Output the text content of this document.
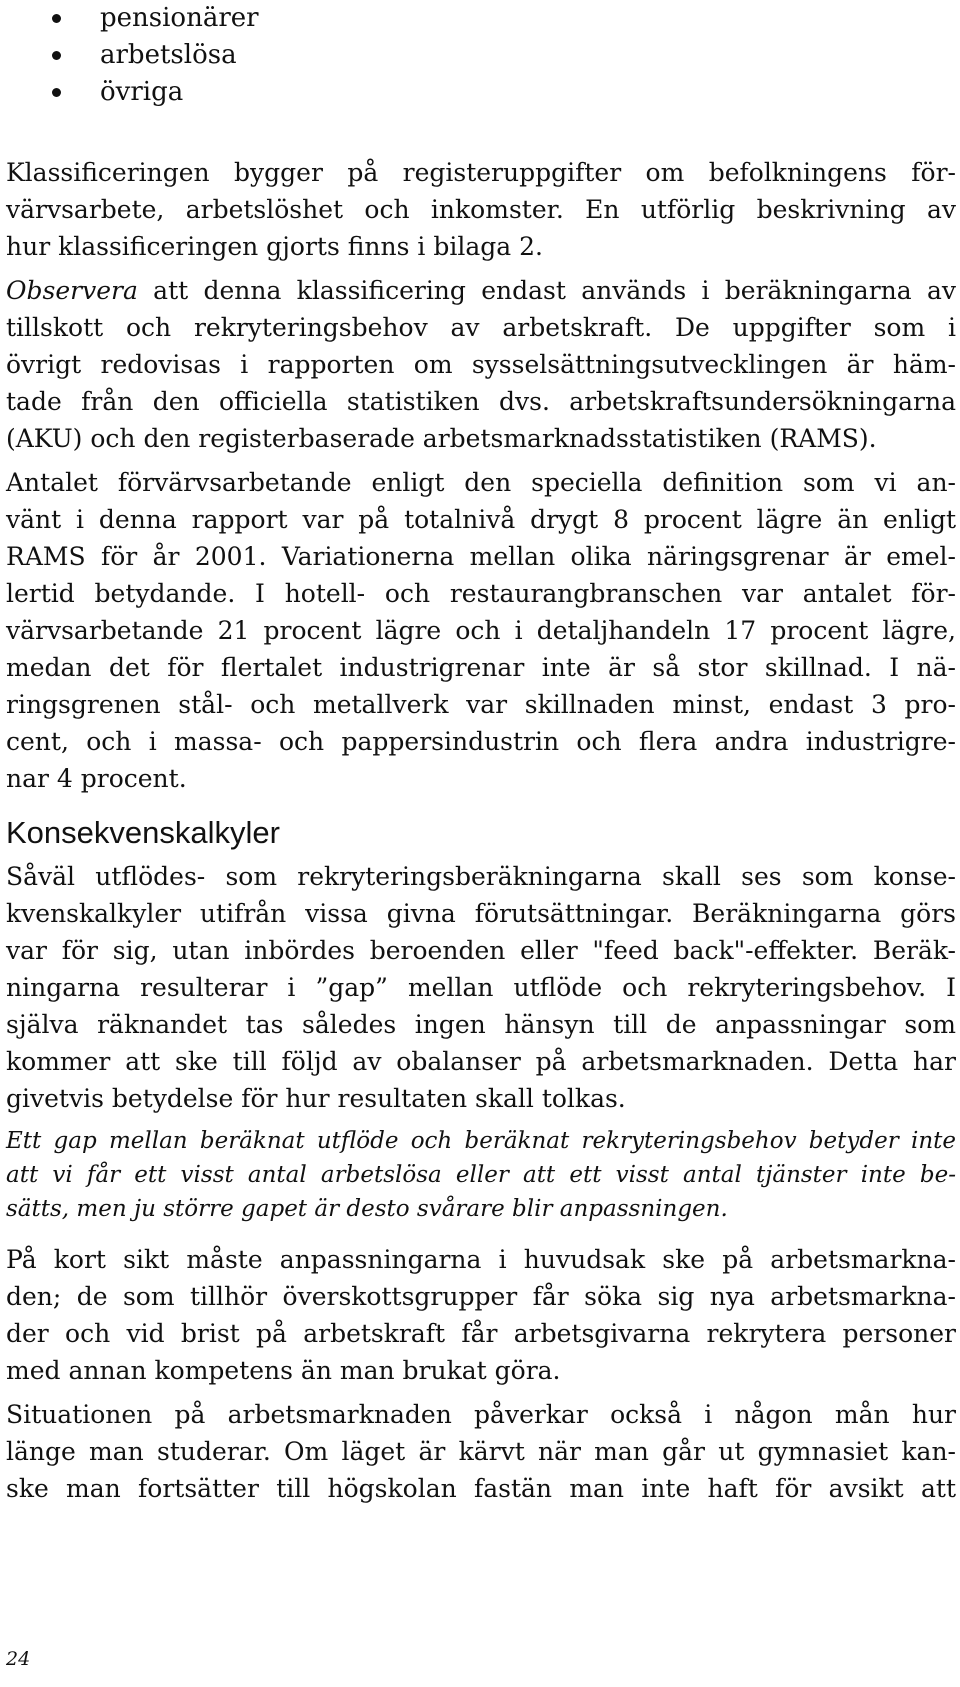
pensionärer
arbetslösa
övriga

Klassificeringen bygger på registeruppgifter om befolkningens för-
värvsarbete, arbetslöshet och inkomster. En utförlig beskrivning av
hur klassificeringen gjorts finns i bilaga 2.

Observera att denna klassificering endast används i beräkningarna av
tillskott och rekryteringsbehov av arbetskraft. De uppgifter som i
övrigt redovisas i rapporten om sysselsättningsutvecklingen är häm-
tade från den officiella statistiken dvs. arbetskraftsundersökningarna
(AKU) och den registerbaserade arbetsmarknadsstatistiken (RAMS).

Antalet förvärvsarbetande enligt den speciella definition som vi an-
vänt i denna rapport var på totalnivå drygt 8 procent lägre än enligt
RAMS för år 2001. Variationerna mellan olika näringsgrenar är emel-
lertid betydande. I hotell- och restaurangbranschen var antalet för-
värvsarbetande 21 procent lägre och i detaljhandeln 17 procent lägre,
medan det för flertalet industrigrenar inte är så stor skillnad. I nä-
ringsgrenen stål- och metallverk var skillnaden minst, endast 3 pro-
cent, och i massa- och pappersindustrin och flera andra industrigre-
nar 4 procent.

Konsekvenskalkyler

Såväl utflödes- som rekryteringsberäkningarna skall ses som konse-
kvenskalkyler utifrån vissa givna förutsättningar. Beräkningarna görs
var för sig, utan inbördes beroenden eller "feed back"-effekter. Beräk-
ningarna resulterar i ”gap” mellan utflöde och rekryteringsbehov. I
själva räknandet tas således ingen hänsyn till de anpassningar som
kommer att ske till följd av obalanser på arbetsmarknaden. Detta har
givetvis betydelse för hur resultaten skall tolkas.

Ett gap mellan beräknat utflöde och beräknat rekryteringsbehov betyder inte
att vi får ett visst antal arbetslösa eller att ett visst antal tjänster inte be-
sätts, men ju större gapet är desto svårare blir anpassningen.

På kort sikt måste anpassningarna i huvudsak ske på arbetsmarkna-
den; de som tillhör överskottsgrupper får söka sig nya arbetsmarkna-
der och vid brist på arbetskraft får arbetsgivarna rekrytera personer
med annan kompetens än man brukat göra.

Situationen på arbetsmarknaden påverkar också i någon mån hur
länge man studerar. Om läget är kärvt när man går ut gymnasiet kan-
ske man fortsätter till högskolan fastän man inte haft för avsikt att

24
